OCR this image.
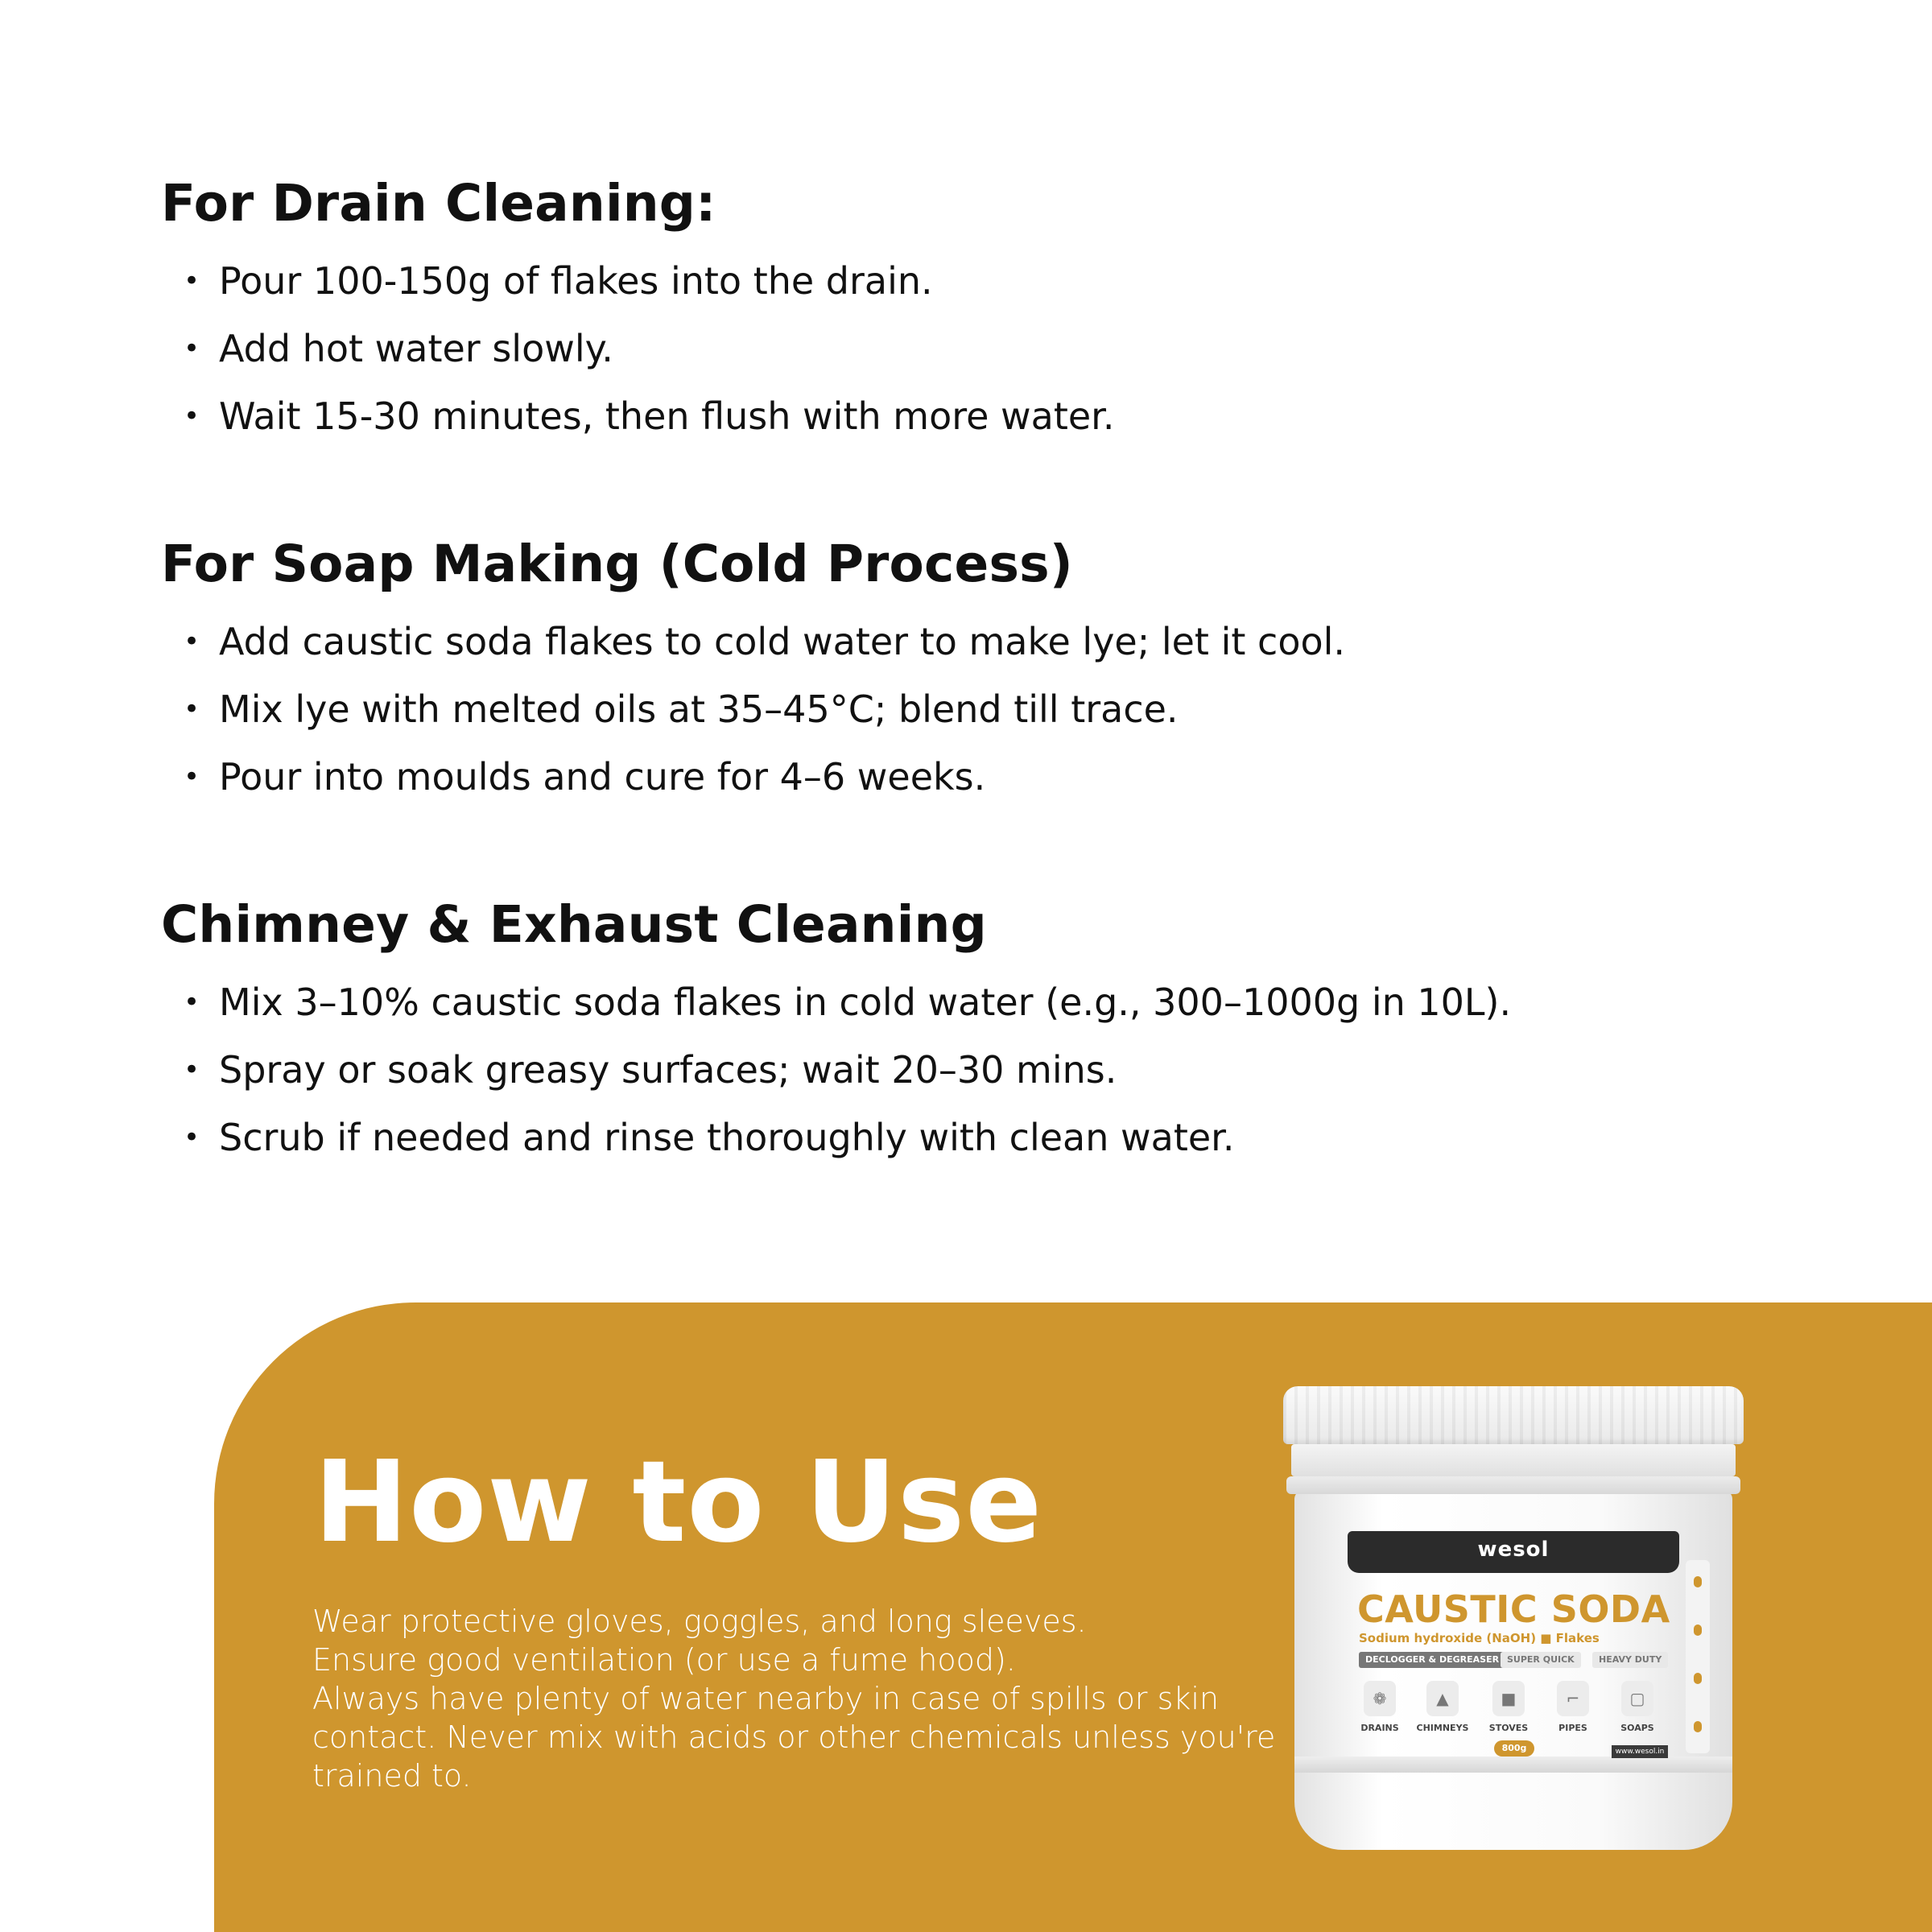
For Drain Cleaning:
• Pour 100-150g of flakes into the drain.
• Add hot water slowly.
• Wait 15-30 minutes, then flush with more water.
For Soap Making (Cold Process)
• Add caustic soda flakes to cold water to make lye; let it cool.
• Mix lye with melted oils at 35–45°C; blend till trace.
• Pour into moulds and cure for 4–6 weeks.
Chimney & Exhaust Cleaning
• Mix 3–10% caustic soda flakes in cold water (e.g., 300–1000g in 10L).
• Spray or soak greasy surfaces; wait 20–30 mins.
• Scrub if needed and rinse thoroughly with clean water.
How to Use

Wear protective gloves, goggles, and long sleeves.

Ensure good ventilation (or use a fume hood).

Always have plenty of water nearby in case of spills or skin contact. Never mix with acids or other chemicals unless you're trained to.

wesol
CAUSTIC SODA
Sodium hydroxide (NaOH) ■ Flakes
DECLOGGER & DEGREASER SUPER QUICK	HEAVY DUTY
❁	▲	■	⌐	▢
DRAINS	CHIMNEYS	STOVES	PIPES	SOAPS
800g	www.wesol.in
